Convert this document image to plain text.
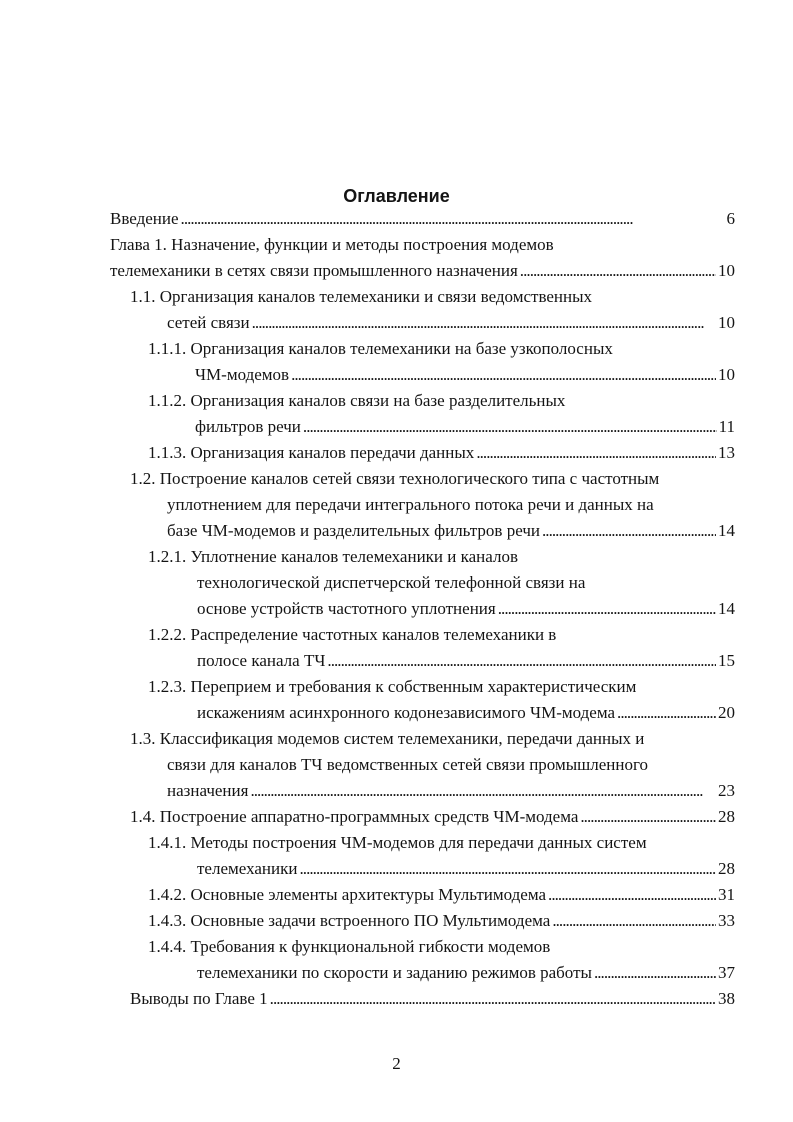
Оглавление
Введение . . .	6
Глава 1. Назначение, функции и методы построения модемов
телемеханики в сетях связи промышленного назначения . . .	10
1.1. Организация каналов телемеханики и связи ведомственных
сетей связи . . .	10
1.1.1. Организация каналов телемеханики на базе узкополосных
ЧМ-модемов . . .	10
1.1.2. Организация каналов связи на базе разделительных
фильтров речи . . .	11
1.1.3. Организация каналов передачи данных . . .	13
1.2. Построение каналов сетей связи технологического типа с частотным
уплотнением для передачи интегрального потока речи и данных на
базе ЧМ-модемов и разделительных фильтров речи . . .	14
1.2.1. Уплотнение каналов телемеханики и каналов
технологической диспетчерской телефонной связи на
основе устройств частотного уплотнения . . .	14
1.2.2. Распределение частотных каналов телемеханики в
полосе канала ТЧ . . .	15
1.2.3. Переприем и требования к собственным характеристическим
искажениям асинхронного кодонезависимого ЧМ-модема . . .	20
1.3. Классификация модемов систем телемеханики, передачи данных и
связи для каналов ТЧ ведомственных сетей связи промышленного
назначения . . .	23
1.4. Построение аппаратно-программных средств ЧМ-модема . . .	28
1.4.1. Методы построения ЧМ-модемов для передачи данных систем
телемеханики . . .	28
1.4.2. Основные элементы архитектуры Мультимодема . . .	31
1.4.3. Основные задачи встроенного ПО Мультимодема . . .	33
1.4.4. Требования к функциональной гибкости модемов
телемеханики по скорости и заданию режимов работы . . .	37
Выводы по Главе 1 . . .	38
2
